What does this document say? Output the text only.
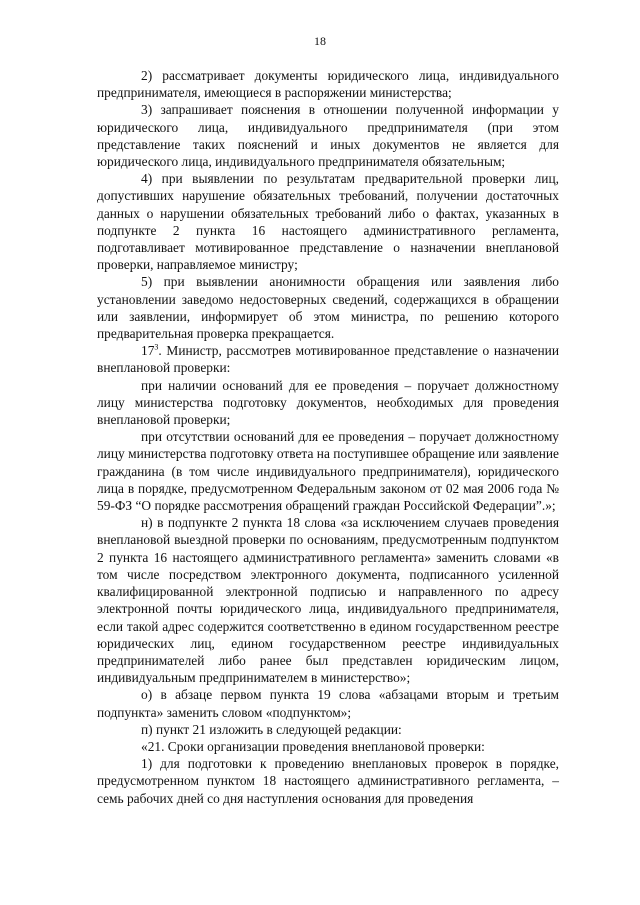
18

2) рассматривает документы юридического лица, индивидуального предпринимателя, имеющиеся в распоряжении министерства;

3) запрашивает пояснения в отношении полученной информации у юридического лица, индивидуального предпринимателя (при этом представление таких пояснений и иных документов не является для юридического лица, индивидуального предпринимателя обязательным;

4) при выявлении по результатам предварительной проверки лиц, допустивших нарушение обязательных требований, получении достаточных данных о нарушении обязательных требований либо о фактах, указанных в подпункте 2 пункта 16 настоящего административного регламента, подготавливает мотивированное представление о назначении внеплановой проверки, направляемое министру;

5) при выявлении анонимности обращения или заявления либо установлении заведомо недостоверных сведений, содержащихся в обращении или заявлении, информирует об этом министра, по решению которого предварительная проверка прекращается.

$17^3$. Министр, рассмотрев мотивированное представление о назначении внеплановой проверки:

при наличии оснований для ее проведения – поручает должностному лицу министерства подготовку документов, необходимых для проведения внеплановой проверки;

при отсутствии оснований для ее проведения – поручает должностному лицу министерства подготовку ответа на поступившее обращение или заявление гражданина (в том числе индивидуального предпринимателя), юридического лица в порядке, предусмотренном Федеральным законом от 02 мая 2006 года № 59-ФЗ “О порядке рассмотрения обращений граждан Российской Федерации”.»;

н) в подпункте 2 пункта 18 слова «за исключением случаев проведения внеплановой выездной проверки по основаниям, предусмотренным подпунктом 2 пункта 16 настоящего административного регламента» заменить словами «в том числе посредством электронного документа, подписанного усиленной квалифицированной электронной подписью и направленного по адресу электронной почты юридического лица, индивидуального предпринимателя, если такой адрес содержится соответственно в едином государственном реестре юридических лиц, едином государственном реестре индивидуальных предпринимателей либо ранее был представлен юридическим лицом, индивидуальным предпринимателем в министерство»;

о) в абзаце первом пункта 19 слова «абзацами вторым и третьим подпункта» заменить словом «подпунктом»;

п) пункт 21 изложить в следующей редакции:

«21. Сроки организации проведения внеплановой проверки:

1) для подготовки к проведению внеплановых проверок в порядке, предусмотренном пунктом 18 настоящего административного регламента, – семь рабочих дней со дня наступления основания для проведения
